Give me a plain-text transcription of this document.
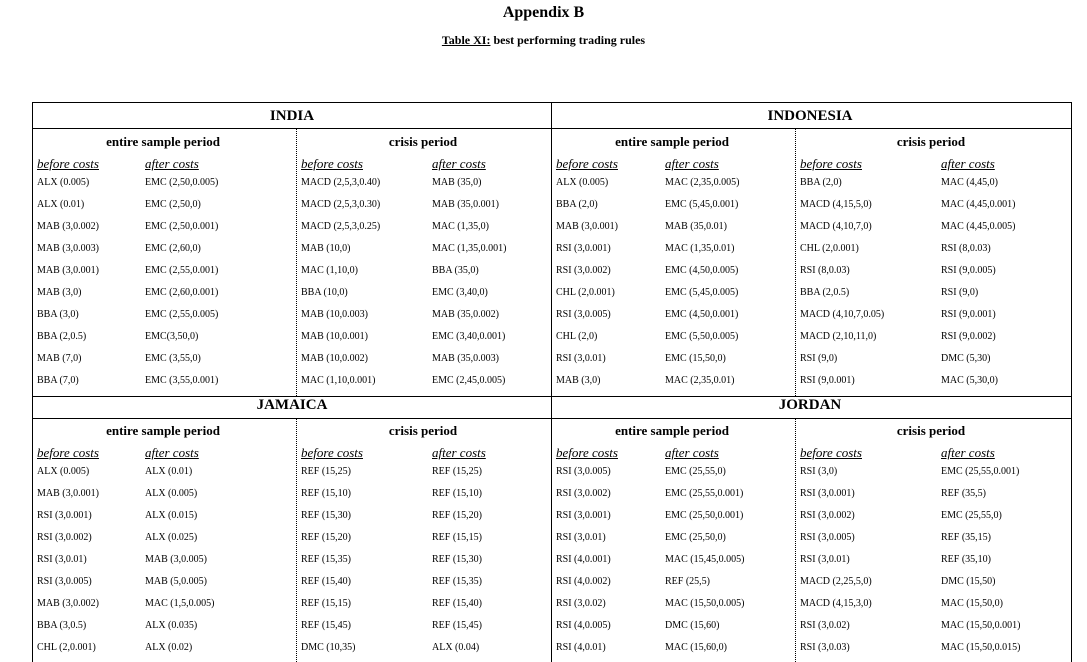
Appendix B
Table XI: best performing trading rules
INDIA
entire sample period	crisis period
before costs	after costs	before costs	after costs
ALX (0.005)	EMC (2,50,0.005)	MACD (2,5,3,0.40)	MAB (35,0)
ALX (0.01)	EMC (2,50,0)	MACD (2,5,3,0.30)	MAB (35,0.001)
MAB (3,0.002)	EMC (2,50,0.001)	MACD (2,5,3,0.25)	MAC (1,35,0)
MAB (3,0.003)	EMC (2,60,0)	MAB (10,0)	MAC (1,35,0.001)
MAB (3,0.001)	EMC (2,55,0.001)	MAC (1,10,0)	BBA (35,0)
MAB (3,0)	EMC (2,60,0.001)	BBA (10,0)	EMC (3,40,0)
BBA (3,0)	EMC (2,55,0.005)	MAB (10,0.003)	MAB (35,0.002)
BBA (2,0.5)	EMC(3,50,0)	MAB (10,0.001)	EMC (3,40,0.001)
MAB (7,0)	EMC (3,55,0)	MAB (10,0.002)	MAB (35,0.003)
BBA (7,0)	EMC (3,55,0.001)	MAC (1,10,0.001)	EMC (2,45,0.005)
INDONESIA
entire sample period	crisis period
before costs	after costs	before costs	after costs
ALX (0.005)	MAC (2,35,0.005)	BBA (2,0)	MAC (4,45,0)
BBA (2,0)	EMC (5,45,0.001)	MACD (4,15,5,0)	MAC (4,45,0.001)
MAB (3,0.001)	MAB (35,0.01)	MACD (4,10,7,0)	MAC (4,45,0.005)
RSI (3,0.001)	MAC (1,35,0.01)	CHL (2,0.001)	RSI (8,0.03)
RSI (3,0.002)	EMC (4,50,0.005)	RSI (8,0.03)	RSI (9,0.005)
CHL (2,0.001)	EMC (5,45,0.005)	BBA (2,0.5)	RSI (9,0)
RSI (3,0.005)	EMC (4,50,0.001)	MACD (4,10,7,0.05)	RSI (9,0.001)
CHL (2,0)	EMC (5,50,0.005)	MACD (2,10,11,0)	RSI (9,0.002)
RSI (3,0.01)	EMC (15,50,0)	RSI (9,0)	DMC (5,30)
MAB (3,0)	MAC (2,35,0.01)	RSI (9,0.001)	MAC (5,30,0)
JAMAICA
entire sample period	crisis period
before costs	after costs	before costs	after costs
ALX (0.005)	ALX (0.01)	REF (15,25)	REF (15,25)
MAB (3,0.001)	ALX (0.005)	REF (15,10)	REF (15,10)
RSI (3,0.001)	ALX (0.015)	REF (15,30)	REF (15,20)
RSI (3,0.002)	ALX (0.025)	REF (15,20)	REF (15,15)
RSI (3,0.01)	MAB (3,0.005)	REF (15,35)	REF (15,30)
RSI (3,0.005)	MAB (5,0.005)	REF (15,40)	REF (15,35)
MAB (3,0.002)	MAC (1,5,0.005)	REF (15,15)	REF (15,40)
BBA (3,0.5)	ALX (0.035)	REF (15,45)	REF (15,45)
CHL (2,0.001)	ALX (0.02)	DMC (10,35)	ALX (0.04)
JORDAN
entire sample period	crisis period
before costs	after costs	before costs	after costs
RSI (3,0.005)	EMC (25,55,0)	RSI (3,0)	EMC (25,55,0.001)
RSI (3,0.002)	EMC (25,55,0.001)	RSI (3,0.001)	REF (35,5)
RSI (3,0.001)	EMC (25,50,0.001)	RSI (3,0.002)	EMC (25,55,0)
RSI (3,0.01)	EMC (25,50,0)	RSI (3,0.005)	REF (35,15)
RSI (4,0.001)	MAC (15,45,0.005)	RSI (3,0.01)	REF (35,10)
RSI (4,0.002)	REF (25,5)	MACD (2,25,5,0)	DMC (15,50)
RSI (3,0.02)	MAC (15,50,0.005)	MACD (4,15,3,0)	MAC (15,50,0)
RSI (4,0.005)	DMC (15,60)	RSI (3,0.02)	MAC (15,50,0.001)
RSI (4,0.01)	MAC (15,60,0)	RSI (3,0.03)	MAC (15,50,0.015)
